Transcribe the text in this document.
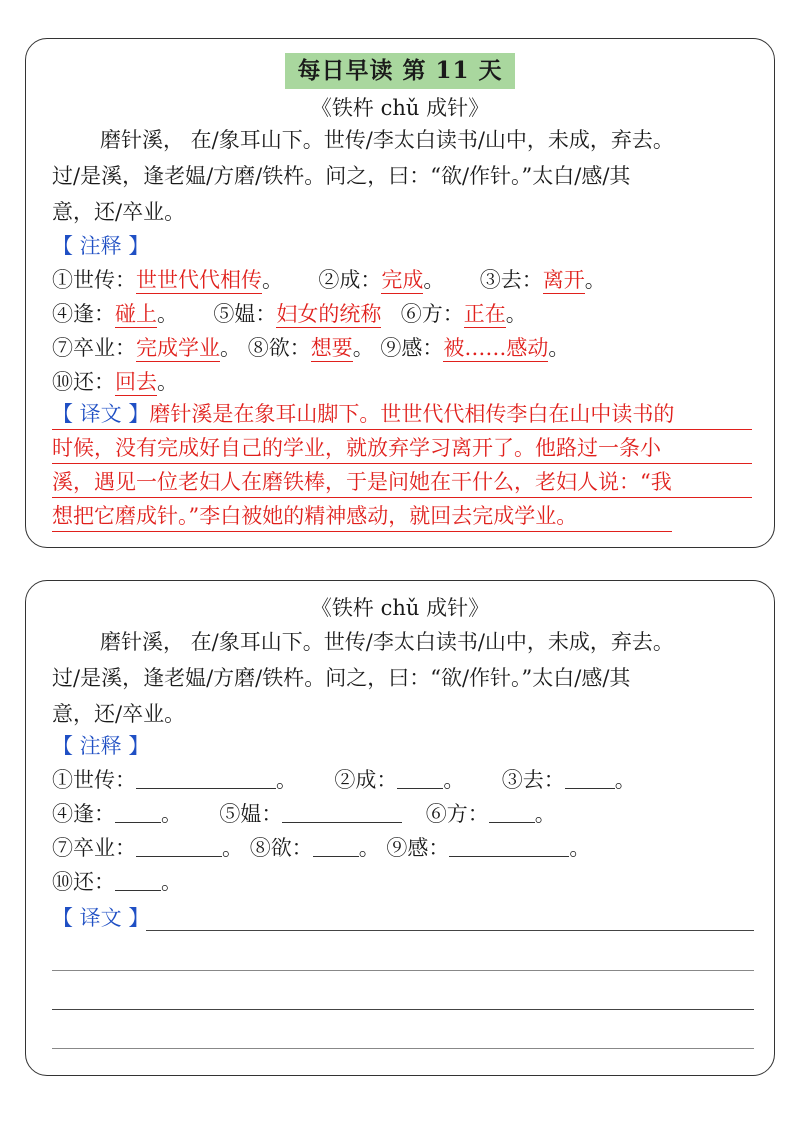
每日早读 第 11 天
《铁杵 chǔ 成针》
磨针溪， 在/象耳山下。世传/李太白读书/山中，未成，弃去。
过/是溪，逢老媪/方磨/铁杵。问之，曰：“欲/作针。”太白/感/其
意，还/卒业。
【 注释 】
①世传：世世代代相传。 ②成：完成。 ③去：离开。
④逢：碰上。 ⑤媪：妇女的统称 ⑥方：正在。
⑦卒业：完成学业。 ⑧欲：想要。 ⑨感：被……感动。
⑩还：回去。
【 译文 】磨针溪是在象耳山脚下。世世代代相传李白在山中读书的
时候，没有完成好自己的学业，就放弃学习离开了。他路过一条小
溪，遇见一位老妇人在磨铁棒，于是问她在干什么，老妇人说：“我
想把它磨成针。”李白被她的精神感动，就回去完成学业。
《铁杵 chǔ 成针》
磨针溪， 在/象耳山下。世传/李太白读书/山中，未成，弃去。
过/是溪，逢老媪/方磨/铁杵。问之，曰：“欲/作针。”太白/感/其
意，还/卒业。
【 注释 】
①世传：	。 ②成： 。 ③去： 。
④逢： 。 ⑤媪：	⑥方： 。
⑦卒业：	。 ⑧欲： 。 ⑨感：	。
⑩还： 。
【 译文 】
